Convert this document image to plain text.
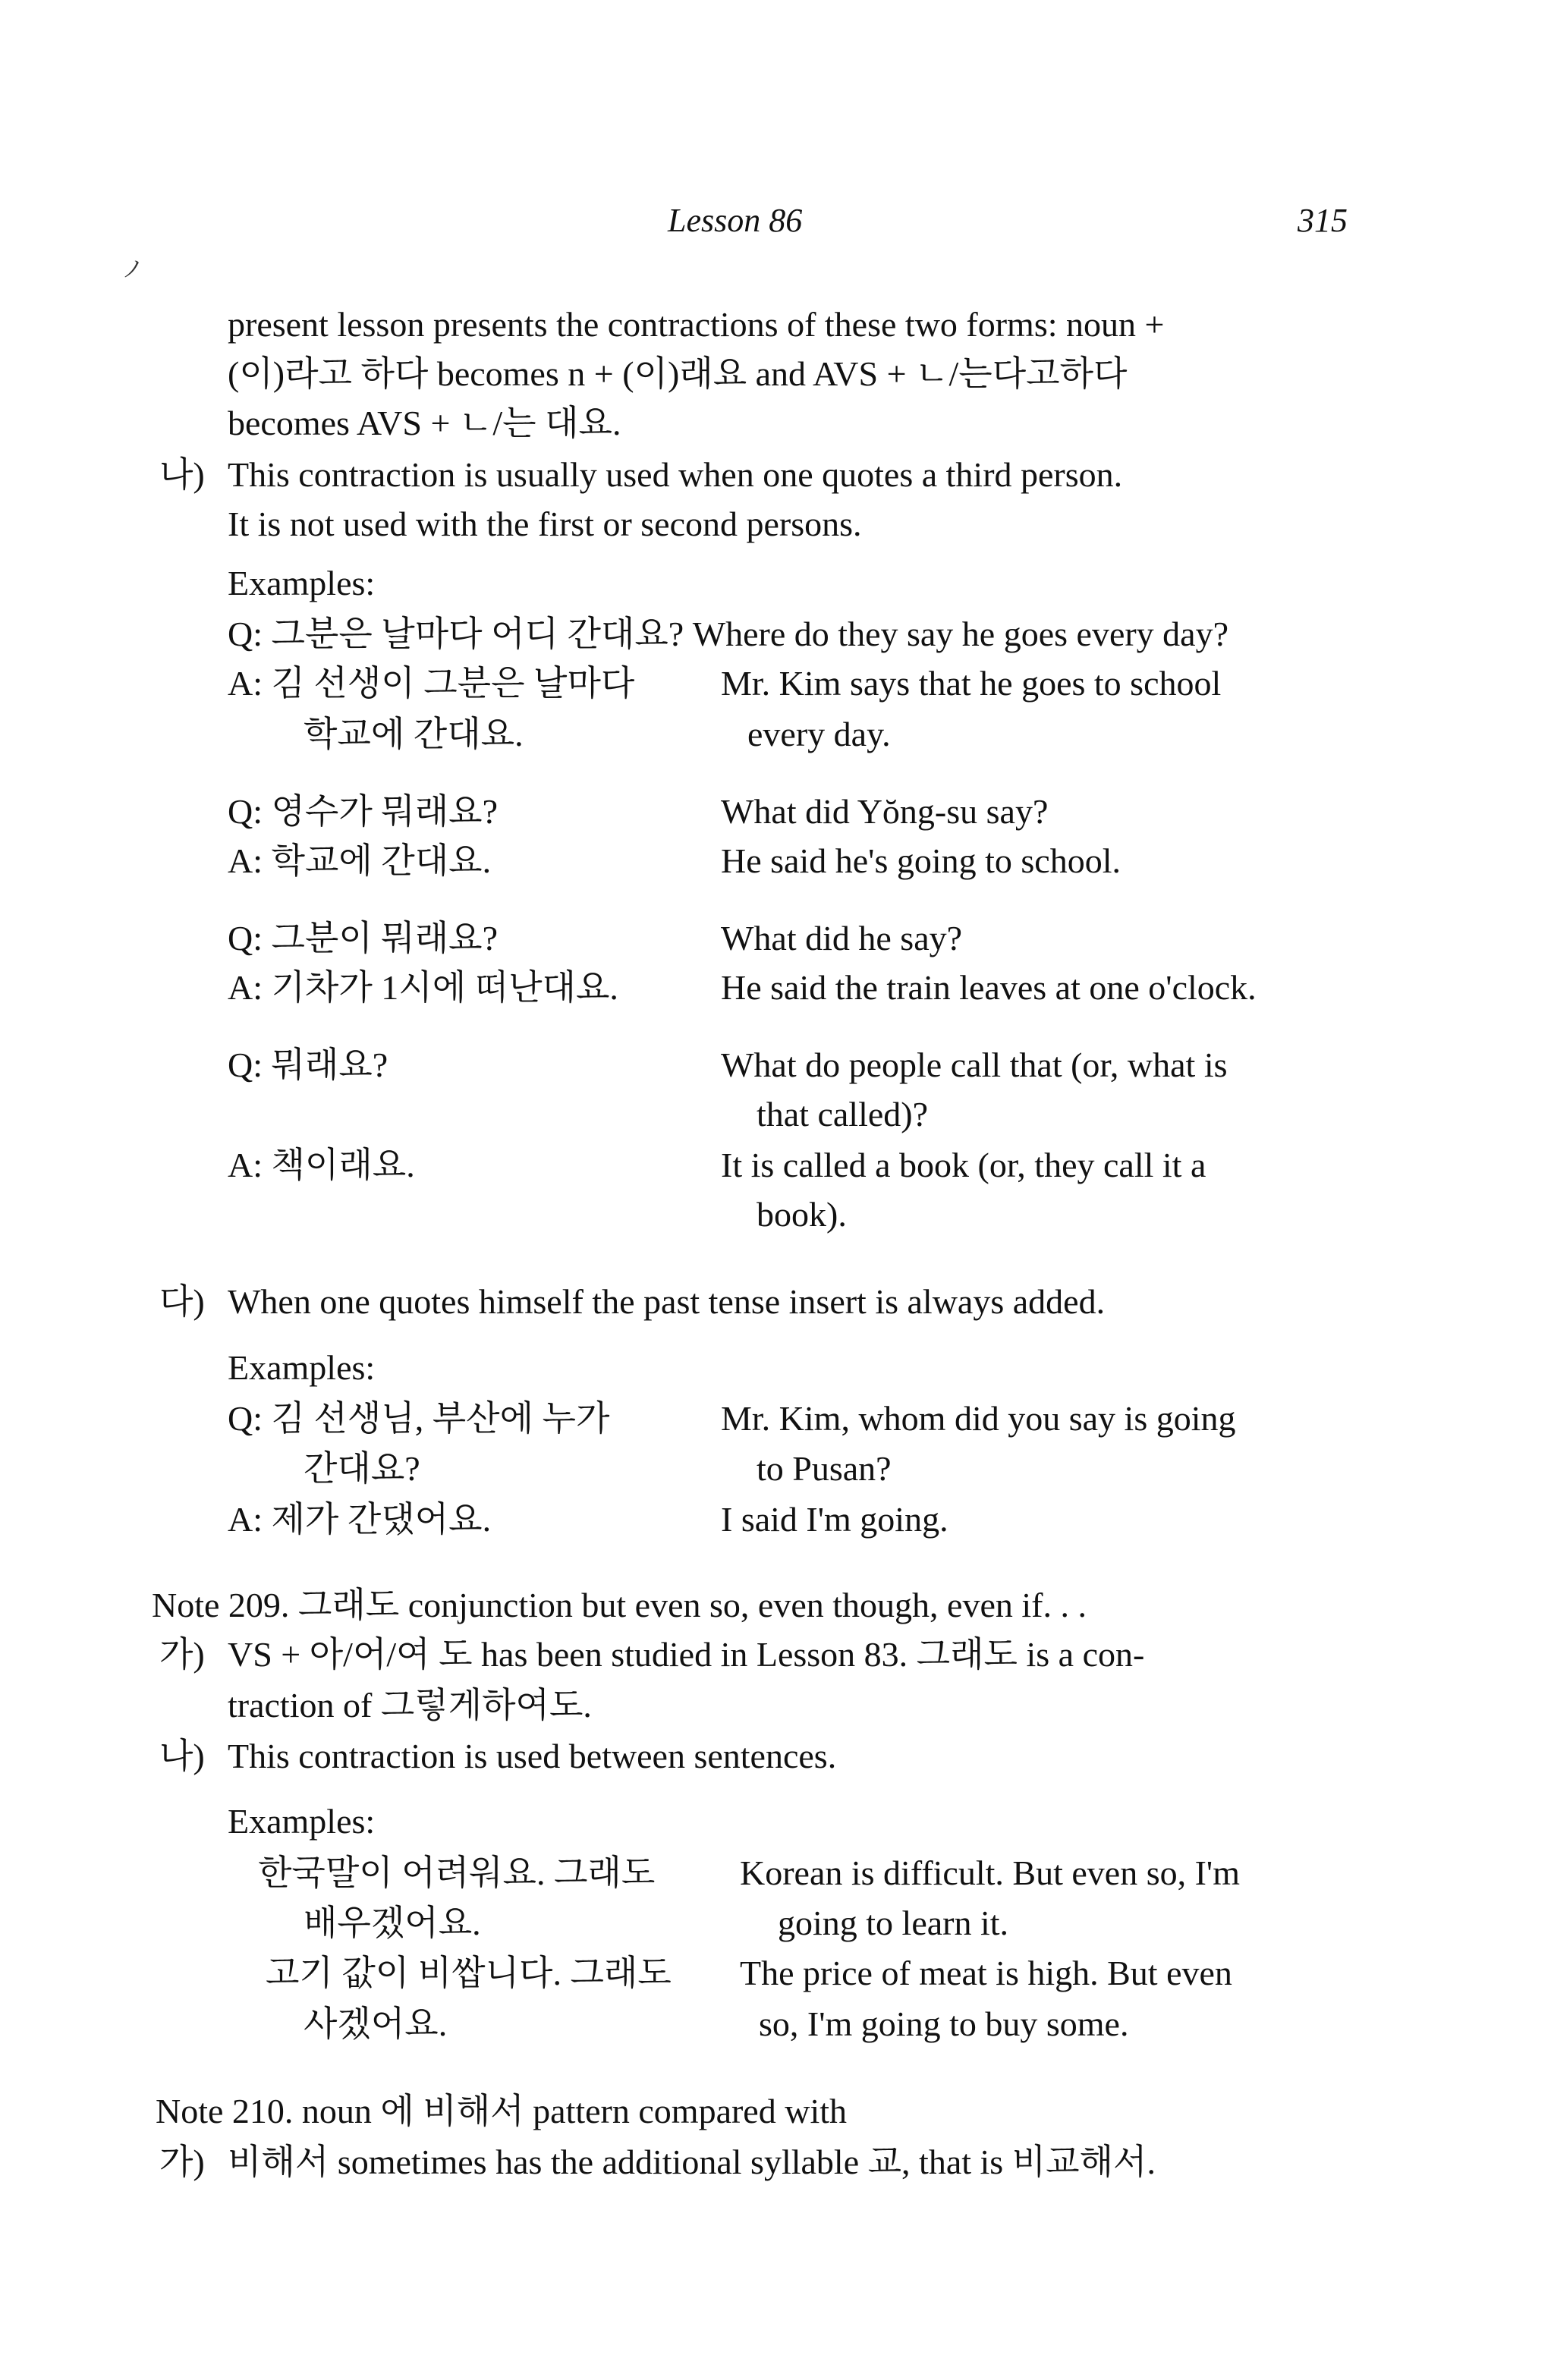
Lesson 86	315
ノ
present lesson presents the contractions of these two forms: noun +
(이)라고 하다 becomes n + (이)래요 and AVS + ㄴ/는다고하다
becomes AVS + ㄴ/는 대요.
나) This contraction is usually used when one quotes a third person.
It is not used with the first or second persons.
Examples:
Q: 그분은 날마다 어디 간대요? Where do they say he goes every day?
A: 김 선생이 그분은 날마다 Mr. Kim says that he goes to school
학교에 간대요.	every day.
Q: 영수가 뭐래요?	What did Yŏng-su say?
A: 학교에 간대요.	He said he's going to school.
Q: 그분이 뭐래요?	What did he say?
A: 기차가 1시에 떠난대요.	He said the train leaves at one o'clock.
Q: 뭐래요?	What do people call that (or, what is
that called)?
A: 책이래요.	It is called a book (or, they call it a
book).
다) When one quotes himself the past tense insert is always added.
Examples:
Q: 김 선생님, 부산에 누가	Mr. Kim, whom did you say is going
간대요?	to Pusan?
A: 제가 간댔어요.	I said I'm going.
Note 209. 그래도 conjunction but even so, even though, even if. . .
가) VS + 아/어/여 도 has been studied in Lesson 83. 그래도 is a con-
traction of 그렇게하여도.
나) This contraction is used between sentences.
Examples:
한국말이 어려워요. 그래도 Korean is difficult. But even so, I'm
배우겠어요.	going to learn it.
고기 값이 비쌉니다. 그래도 The price of meat is high. But even
사겠어요.	so, I'm going to buy some.
Note 210. noun 에 비해서 pattern compared with
가) 비해서 sometimes has the additional syllable 교, that is 비교해서.
